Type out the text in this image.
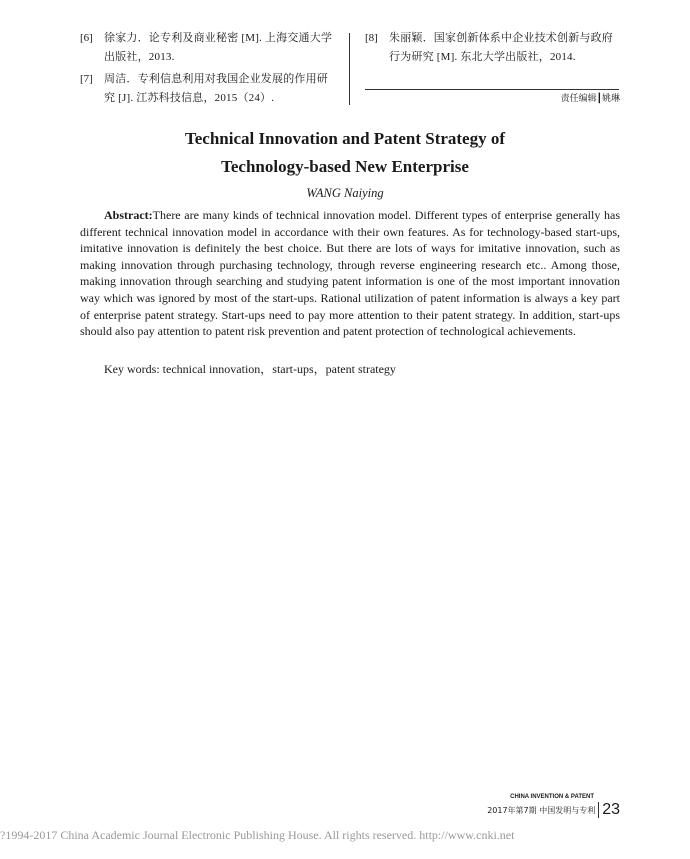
[6]	徐家力．论专利及商业秘密 [M]. 上海交通大学出版社，2013.
[7]	周洁．专利信息利用对我国企业发展的作用研究 [J]. 江苏科技信息，2015（24）.
[8]	朱丽颖．国家创新体系中企业技术创新与政府行为研究 [M]. 东北大学出版社，2014.
责任编辑┃姚琳
Technical Innovation and Patent Strategy of
Technology-based New Enterprise
WANG Naiying
Abstract:There are many kinds of technical innovation model. Different types of enterprise generally has different technical innovation model in accordance with their own features. As for technology-based start-ups, imitative innovation is definitely the best choice. But there are lots of ways for imitative innovation, such as making innovation through purchasing technology, through reverse engineering research etc.. Among those, making innovation through searching and studying patent information is one of the most important innovation way which was ignored by most of the start-ups. Rational utilization of patent information is always a key part of enterprise patent strategy. Start-ups need to pay more attention to their patent strategy. In addition, start-ups should also pay attention to patent risk prevention and patent protection of technological achievements.
Key words: technical innovation，start-ups，patent strategy
CHINA INVENTION & PATENT
2017年第7期 中国发明与专利 23
?1994-2017 China Academic Journal Electronic Publishing House. All rights reserved. http://www.cnki.net
